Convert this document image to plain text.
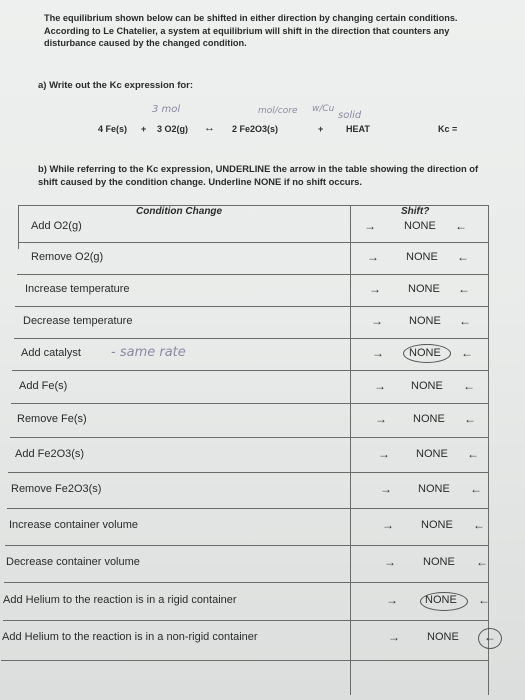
The equilibrium shown below can be shifted in either direction by changing certain conditions. According to Le Chatelier, a system at equilibrium will shift in the direction that counters any disturbance caused by the changed condition.
a) Write out the Kc expression for:
3 mol	mol/core w/Cu
solid
4 Fe(s) + 3 O2(g) ↔ 2 Fe2O3(s)	+	HEAT	Kc =
b) While referring to the Kc expression, UNDERLINE the arrow in the table showing the direction of shift caused by the condition change. Underline NONE if no shift occurs.
Condition Change	Shift?
Add O2(g)	→	NONE ←
Remove O2(g)	→ NONE ←
Increase temperature	→ NONE ←
Decrease temperature	→ NONE ←
Add catalyst - same rate	→ NONE ←
Add Fe(s)	→ NONE ←
Remove Fe(s)	→ NONE ←
Add Fe2O3(s)	→ NONE ←
Remove Fe2O3(s)	→ NONE ←
Increase container volume	→ NONE ←
Decrease container volume	→ NONE ←
Add Helium to the reaction is in a rigid container	→ NONE ←
Add Helium to the reaction is in a non-rigid container	→ NONE ←
